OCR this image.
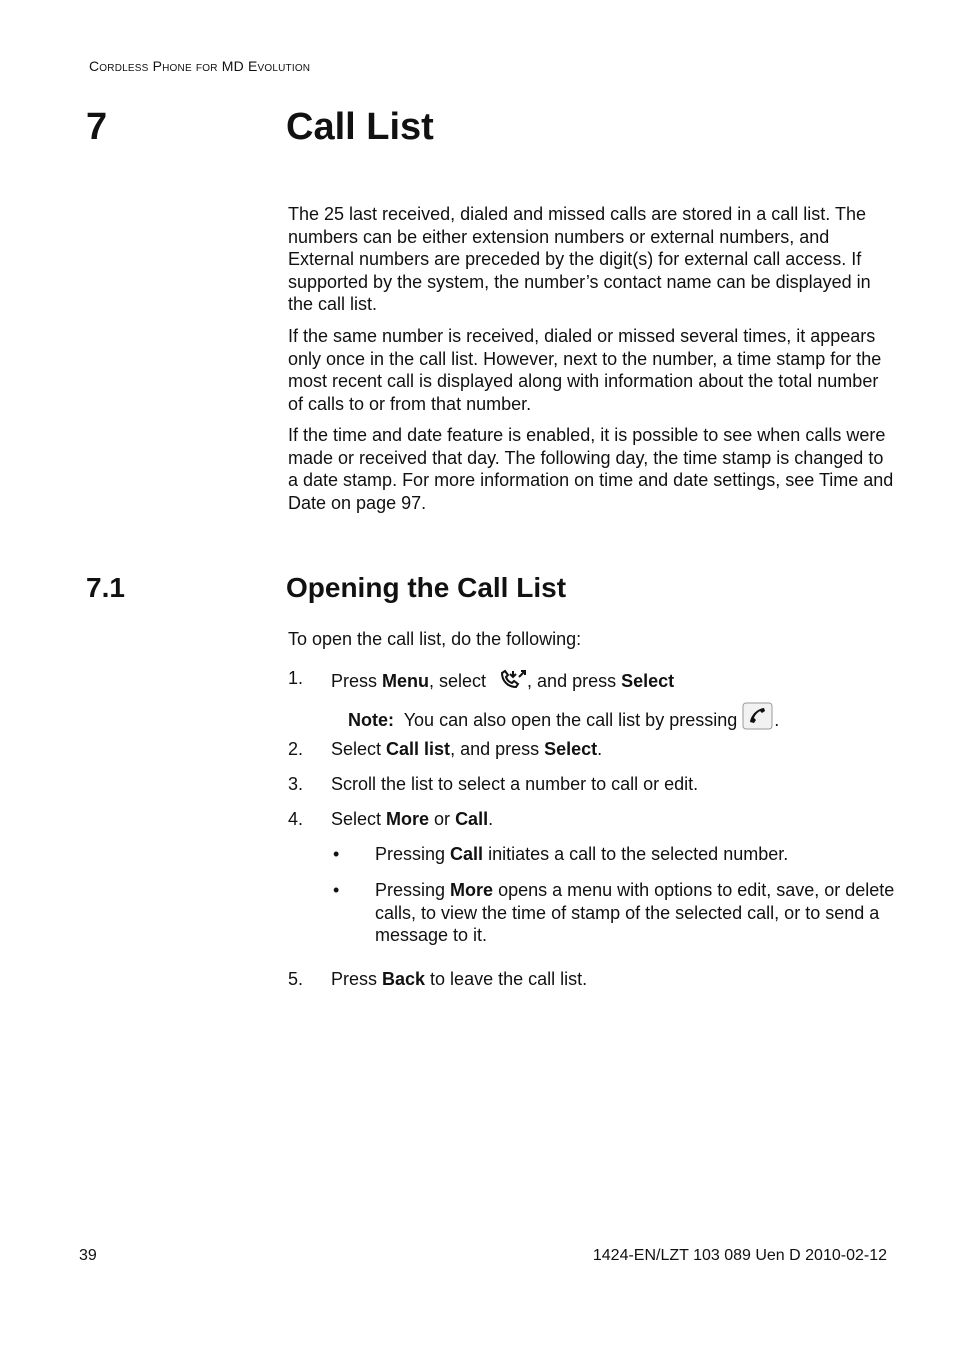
Cordless Phone for MD Evolution
7	Call List

The 25 last received, dialed and missed calls are stored in a call list. The numbers can be either extension numbers or external numbers, and External numbers are preceded by the digit(s) for external call access. If supported by the system, the number’s contact name can be displayed in the call list.

If the same number is received, dialed or missed several times, it appears only once in the call list. However, next to the number, a time stamp for the most recent call is displayed along with information about the total number of calls to or from that number.

If the time and date feature is enabled, it is possible to see when calls were made or received that day. The following day, the time stamp is changed to a date stamp. For more information on time and date settings, see Time and Date on page 97.

7.1	Opening the Call List
To open the call list, do the following:
1. Press Menu, select , and press Select
Note: You can also open the call list by pressing .
2. Select Call list, and press Select.
3. Scroll the list to select a number to call or edit.
4. Select More or Call.
• Pressing Call initiates a call to the selected number.
• Pressing More opens a menu with options to edit, save, or delete calls, to view the time of stamp of the selected call, or to send a message to it.
5. Press Back to leave the call list.
39	1424-EN/LZT 103 089 Uen D 2010-02-12
